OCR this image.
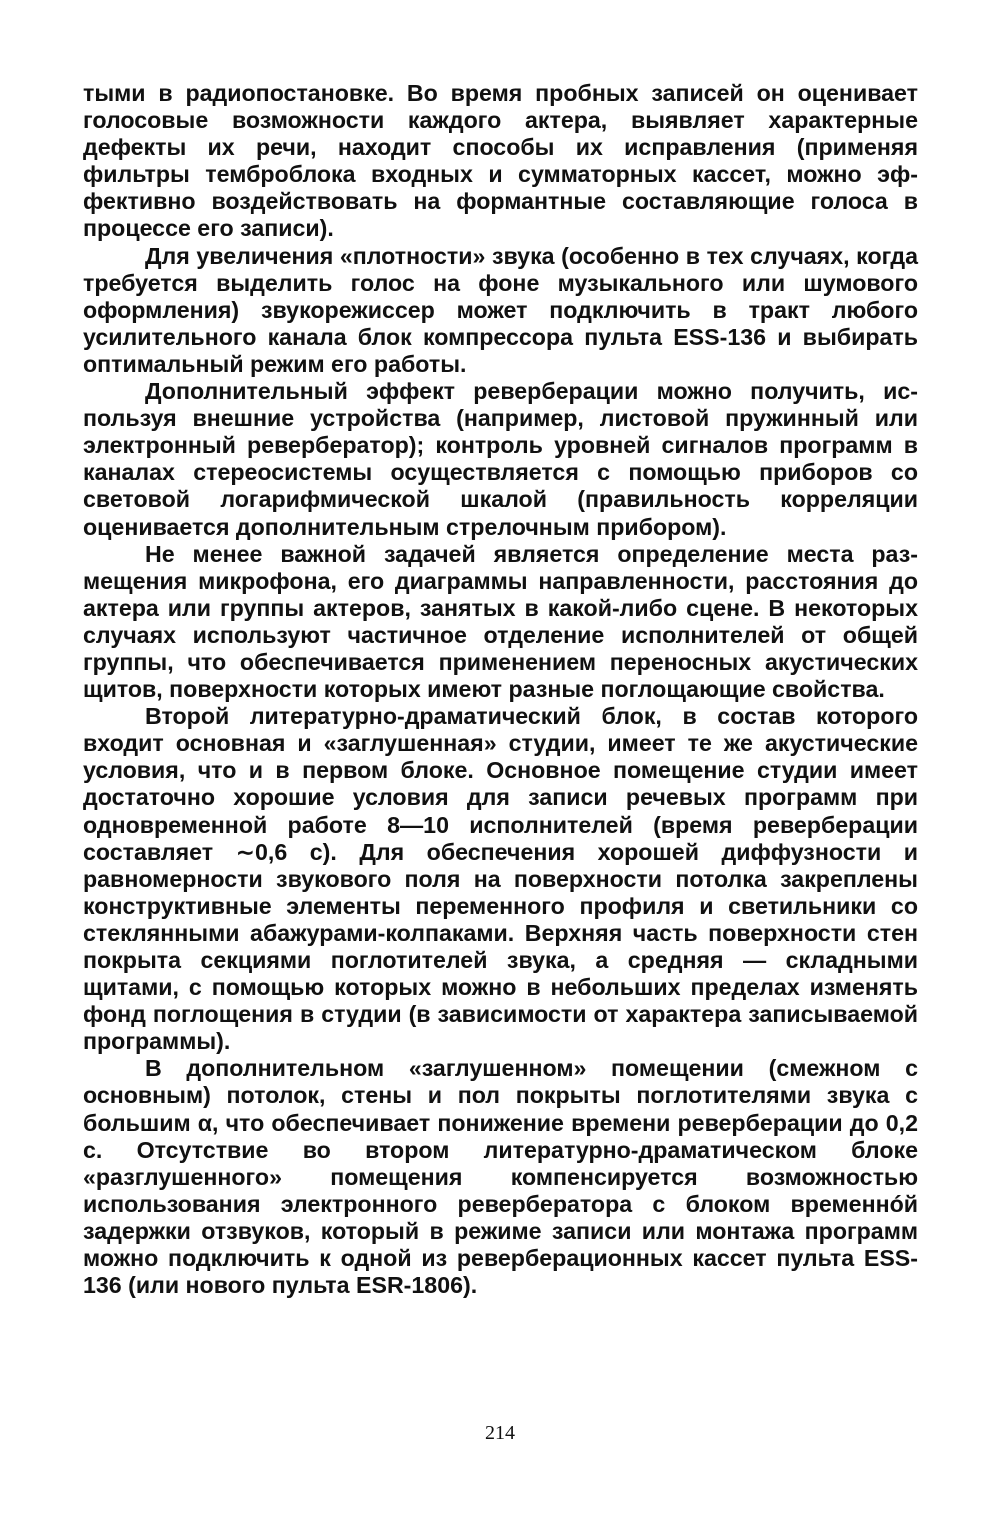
тыми в радиопостановке. Во время пробных записей он оценивает голосовые возможности каждого актера, выявляет характерные дефекты их речи, находит способы их исправления (применяя фильтры темброблока входных и сумматорных кассет, можно эффективно воздействовать на формантные составляющие голоса в процессе его записи).

Для увеличения «плотности» звука (особенно в тех случаях, когда требуется выделить голос на фоне музыкального или шумового оформления) звукорежиссер может подключить в тракт любого усилительного канала блок компрессора пульта ESS-136 и выбирать оптимальный режим его работы.

Дополнительный эффект реверберации можно получить, используя внешние устройства (например, листовой пружинный или электронный ревербератор); контроль уровней сигналов программ в каналах стереосистемы осуществляется с помощью приборов со световой логарифмической шкалой (правильность корреляции оценивается дополнительным стрелочным прибором).

Не менее важной задачей является определение места размещения микрофона, его диаграммы направленности, расстояния до актера или группы актеров, занятых в какой-либо сцене. В некоторых случаях используют частичное отделение исполнителей от общей группы, что обеспечивается применением переносных акустических щитов, поверхности которых имеют разные поглощающие свойства.

Второй литературно-драматический блок, в состав которого входит основная и «заглушенная» студии, имеет те же акустические условия, что и в первом блоке. Основное помещение студии имеет достаточно хорошие условия для записи речевых программ при одновременной работе 8—10 исполнителей (время реверберации составляет ∼0,6 с). Для обеспечения хорошей диффузности и равномерности звукового поля на поверхности потолка закреплены конструктивные элементы переменного профиля и светильники со стеклянными абажурами-колпаками. Верхняя часть поверхности стен покрыта секциями поглотителей звука, а средняя — складными щитами, с помощью которых можно в небольших пределах изменять фонд поглощения в студии (в зависимости от характера записываемой программы).

В дополнительном «заглушенном» помещении (смежном с основным) потолок, стены и пол покрыты поглотителями звука с большим α, что обеспечивает понижение времени реверберации до 0,2 с. Отсутствие во втором литературно-драматическом блоке «разглушенного» помещения компенсируется возможностью использования электронного ревербератора с блоком временнóй задержки отзвуков, который в режиме записи или монтажа программ можно подключить к одной из реверберационных кассет пульта ESS-136 (или нового пульта ESR-1806).

214
